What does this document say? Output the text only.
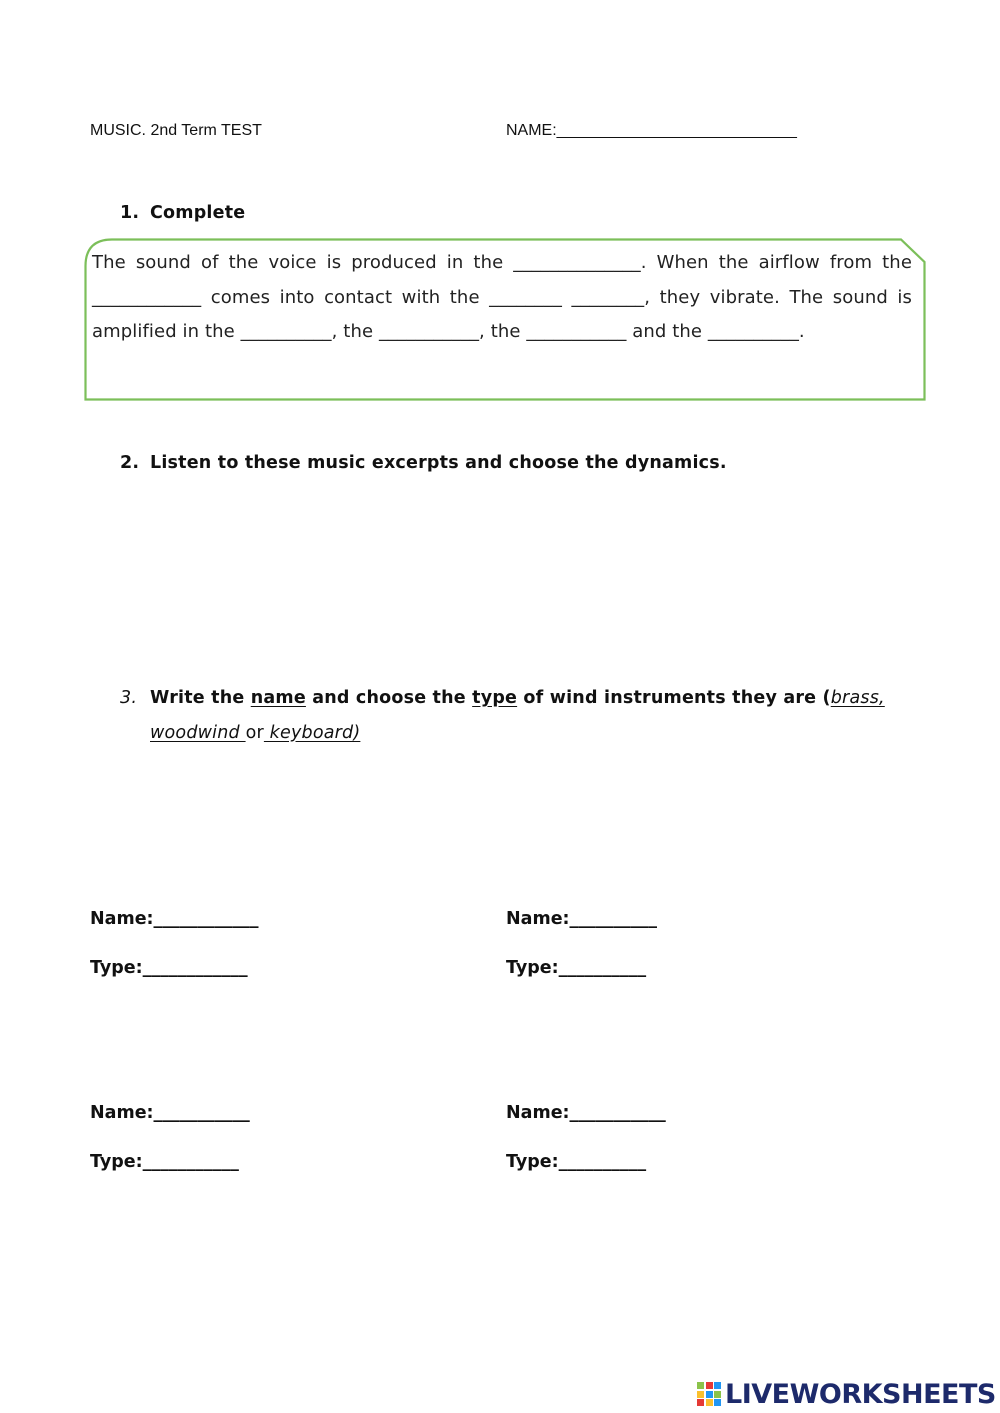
MUSIC. 2nd Term TEST	NAME:___________________________
1. Complete
The sound of the voice is produced in the ______________. When the airflow from the ____________ comes into contact with the ________ ________, they vibrate. The sound is amplified in the __________, the ___________, the ___________ and the __________.
2. Listen to these music excerpts and choose the dynamics.
3. Write the name and choose the type of wind instruments they are (brass,
woodwind or keyboard)
Name:____________
Type:____________
Name:__________
Type:__________
Name:___________
Type:___________
Name:___________
Type:__________
LIVEWORKSHEETS
